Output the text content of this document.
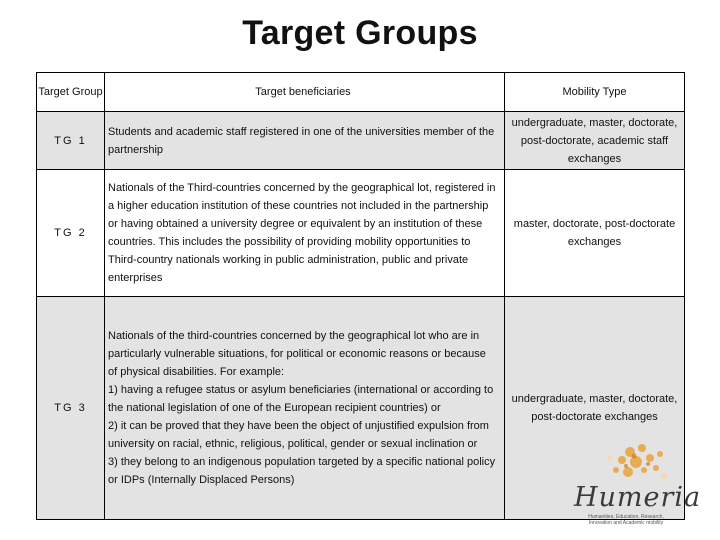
Target Groups
Target Group	Target beneficiaries	Mobility Type
TG 1
Students and academic staff registered in one of the universities member of the partnership
undergraduate, master, doctorate, post-doctorate, academic staff exchanges
TG 2
Nationals of the Third-countries concerned by the geographical lot, registered in a higher education institution of these countries not included in the partnership or having obtained a university degree or equivalent by an institution of these countries. This includes the possibility of providing mobility opportunities to Third-country nationals working in public administration, public and private enterprises
master, doctorate, post-doctorate exchanges
TG 3
Nationals of the third-countries concerned by the geographical lot who are in particularly vulnerable situations, for political or economic reasons or because of physical disabilities. For example:
1) having a refugee status or asylum beneficiaries (international or according to the national legislation of one of the European recipient countries) or
2) it can be proved that they have been the object of unjustified expulsion from university on racial, ethnic, religious, political, gender or sexual inclination or
3) they belong to an indigenous population targeted by a specific national policy or IDPs (Internally Displaced Persons)
undergraduate, master, doctorate, post-doctorate exchanges
Humeria
Humanities, Education, Research, Innovation and Academic mobility
